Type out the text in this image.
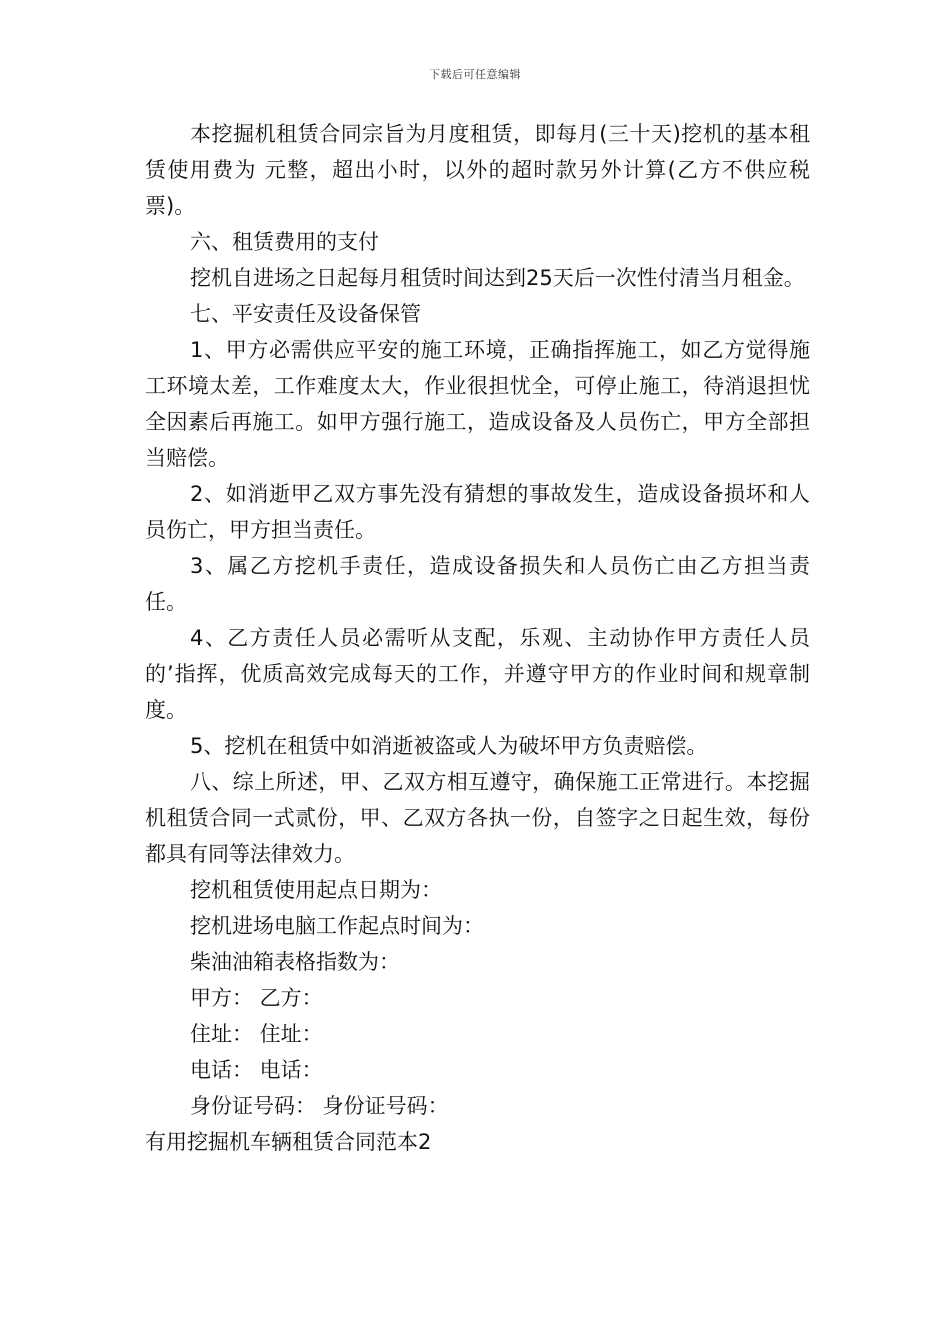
下载后可任意编辑

本挖掘机租赁合同宗旨为月度租赁，即每月(三十天)挖机的基本租赁使用费为 元整，超出小时，以外的超时款另外计算(乙方不供应税票)。

六、租赁费用的支付

挖机自进场之日起每月租赁时间达到25天后一次性付清当月租金。

七、平安责任及设备保管

1、甲方必需供应平安的施工环境，正确指挥施工，如乙方觉得施工环境太差，工作难度太大，作业很担忧全，可停止施工，待消退担忧全因素后再施工。如甲方强行施工，造成设备及人员伤亡，甲方全部担当赔偿。

2、如消逝甲乙双方事先没有猜想的事故发生，造成设备损坏和人员伤亡，甲方担当责任。

3、属乙方挖机手责任，造成设备损失和人员伤亡由乙方担当责任。

4、乙方责任人员必需听从支配，乐观、主动协作甲方责任人员的’指挥，优质高效完成每天的工作，并遵守甲方的作业时间和规章制度。

5、挖机在租赁中如消逝被盗或人为破坏甲方负责赔偿。

八、综上所述，甲、乙双方相互遵守，确保施工正常进行。本挖掘机租赁合同一式贰份，甲、乙双方各执一份，自签字之日起生效，每份都具有同等法律效力。

挖机租赁使用起点日期为：

挖机进场电脑工作起点时间为：

柴油油箱表格指数为：

甲方： 乙方：

住址： 住址：

电话： 电话：

身份证号码： 身份证号码：

有用挖掘机车辆租赁合同范本2
